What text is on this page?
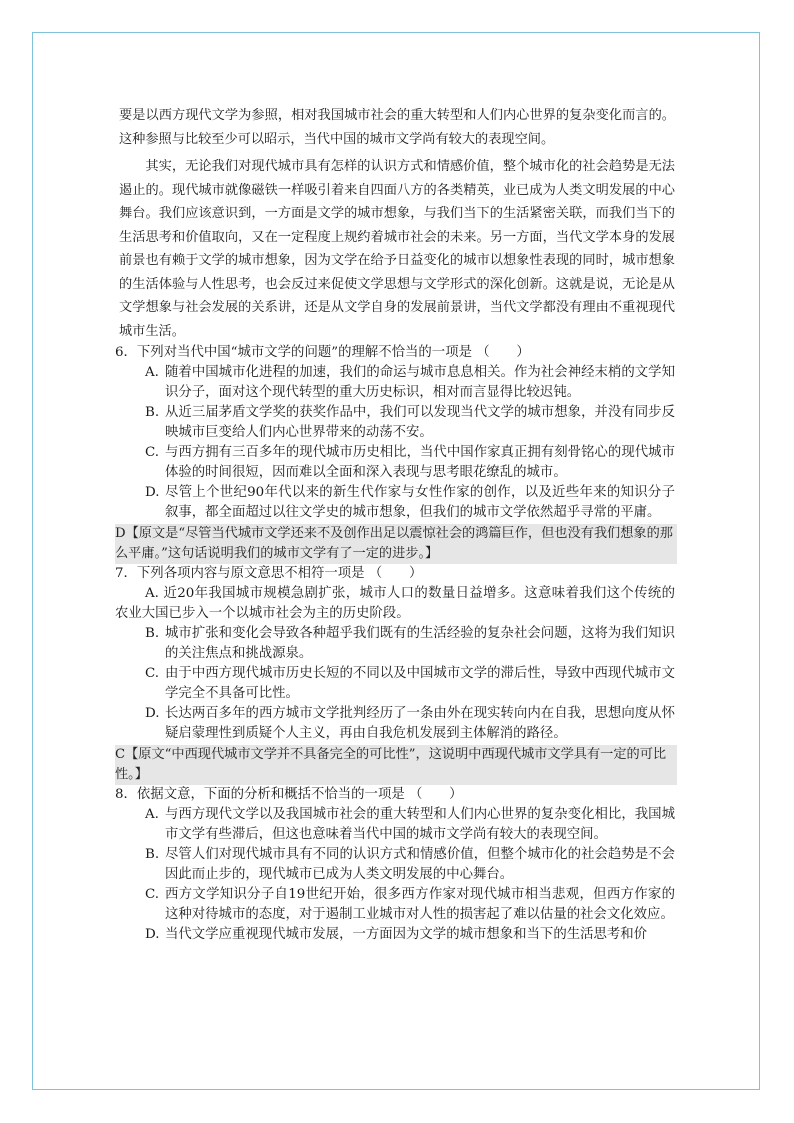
要是以西方现代文学为参照，相对我国城市社会的重大转型和人们内心世界的复杂变化而言的。这种参照与比较至少可以昭示，当代中国的城市文学尚有较大的表现空间。

其实，无论我们对现代城市具有怎样的认识方式和情感价值，整个城市化的社会趋势是无法遏止的。现代城市就像磁铁一样吸引着来自四面八方的各类精英，业已成为人类文明发展的中心舞台。我们应该意识到，一方面是文学的城市想象，与我们当下的生活紧密关联，而我们当下的生活思考和价值取向，又在一定程度上规约着城市社会的未来。另一方面，当代文学本身的发展前景也有赖于文学的城市想象，因为文学在给予日益变化的城市以想象性表现的同时，城市想象的生活体验与人性思考，也会反过来促使文学思想与文学形式的深化创新。这就是说，无论是从文学想象与社会发展的关系讲，还是从文学自身的发展前景讲，当代文学都没有理由不重视现代城市生活。

6．下列对当代中国“城市文学的问题”的理解不恰当的一项是 （　　）

A. 随着中国城市化进程的加速，我们的命运与城市息息相关。作为社会神经末梢的文学知识分子，面对这个现代转型的重大历史标识，相对而言显得比较迟钝。
B. 从近三届茅盾文学奖的获奖作品中，我们可以发现当代文学的城市想象，并没有同步反映城市巨变给人们内心世界带来的动荡不安。
C. 与西方拥有三百多年的现代城市历史相比，当代中国作家真正拥有刻骨铭心的现代城市体验的时间很短，因而难以全面和深入表现与思考眼花缭乱的城市。
D. 尽管上个世纪90年代以来的新生代作家与女性作家的创作，以及近些年来的知识分子叙事，都全面超过以往文学史的城市想象，但我们的城市文学依然超乎寻常的平庸。

D【原文是“尽管当代城市文学还来不及创作出足以震惊社会的鸿篇巨作，但也没有我们想象的那么平庸。”这句话说明我们的城市文学有了一定的进步。】

7．下列各项内容与原文意思不相符一项是 （　　）

A. 近20年我国城市规模急剧扩张，城市人口的数量日益增多。这意味着我们这个传统的农业大国已步入一个以城市社会为主的历史阶段。

B. 城市扩张和变化会导致各种超乎我们既有的生活经验的复杂社会问题，这将为我们知识的关注焦点和挑战源泉。
C. 由于中西方现代城市历史长短的不同以及中国城市文学的滞后性，导致中西现代城市文学完全不具备可比性。
D. 长达两百多年的西方城市文学批判经历了一条由外在现实转向内在自我，思想向度从怀疑启蒙理性到质疑个人主义，再由自我危机发展到主体解消的路径。

C【原文“中西现代城市文学并不具备完全的可比性”，这说明中西现代城市文学具有一定的可比性。】

8．依据文意，下面的分析和概括不恰当的一项是 （　　）

A. 与西方现代文学以及我国城市社会的重大转型和人们内心世界的复杂变化相比，我国城市文学有些滞后，但这也意味着当代中国的城市文学尚有较大的表现空间。
B. 尽管人们对现代城市具有不同的认识方式和情感价值，但整个城市化的社会趋势是不会因此而止步的，现代城市已成为人类文明发展的中心舞台。
C. 西方文学知识分子自19世纪开始，很多西方作家对现代城市相当悲观，但西方作家的这种对待城市的态度，对于遏制工业城市对人性的损害起了难以估量的社会文化效应。
D. 当代文学应重视现代城市发展，一方面因为文学的城市想象和当下的生活思考和价
